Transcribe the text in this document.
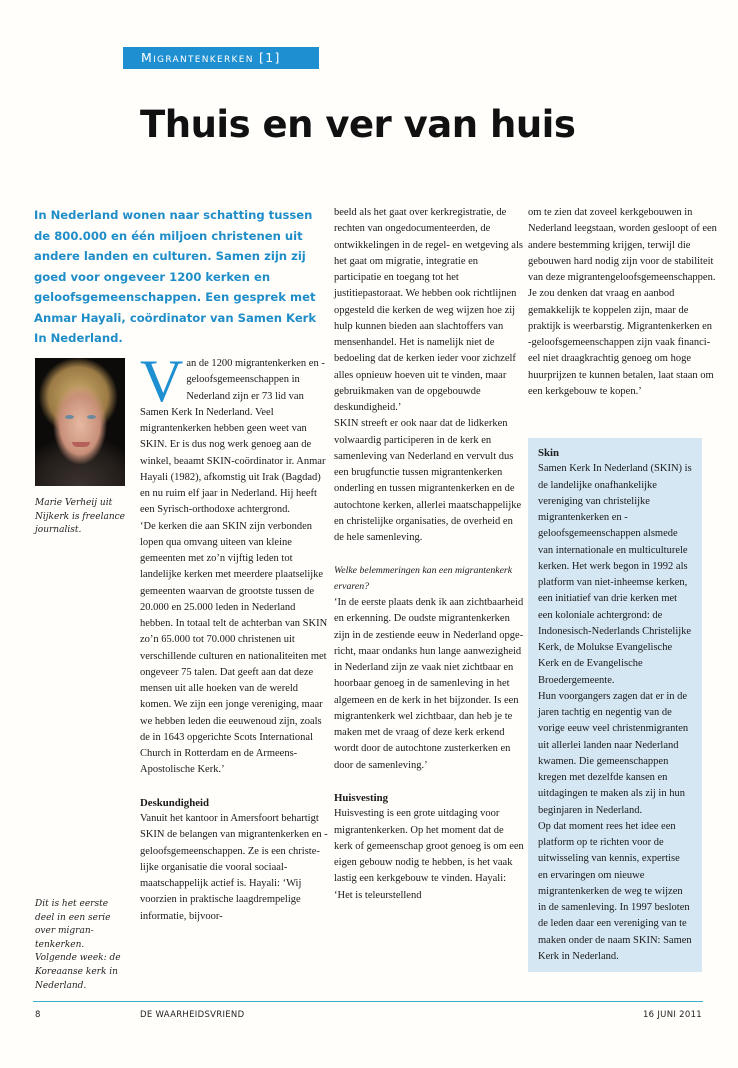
Migrantenkerken [1]
Thuis en ver van huis

In Nederland wonen naar schatting tussen de 800.000 en één miljoen christenen uit andere landen en culturen. Samen zijn zij goed voor ongeveer 1200 kerken en geloofsgemeenschappen. Een gesprek met Anmar Hayali, coördinator van Samen Kerk In Nederland.

Marie Verheij uit Nijkerk is freelance journalist.

Dit is het eerste deel in een serie over migrantenkerken. Volgende week: de Koreaanse kerk in Nederland.

V an de 1200 migrantenkerken en -geloofsgemeenschappen in Nederland zijn er 73 lid van Samen Kerk In Nederland. Veel migrantenkerken hebben geen weet van SKIN. Er is dus nog werk genoeg aan de winkel, beaamt SKIN-coördinator ir. Anmar Hayali (1982), afkomstig uit Irak (Bagdad) en nu ruim elf jaar in Nederland. Hij heeft een Syrisch-orthodoxe achtergrond.

‘De kerken die aan SKIN zijn verbonden lopen qua omvang uiteen van kleine gemeenten met zo’n vijftig leden tot landelijke kerken met meerdere plaatselijke gemeenten waarvan de grootste tussen de 20.000 en 25.000 leden in Nederland hebben. In totaal telt de achterban van SKIN zo’n 65.000 tot 70.000 christenen uit verschillende culturen en nationaliteiten met ongeveer 75 talen. Dat geeft aan dat deze mensen uit alle hoeken van de wereld komen. We zijn een jonge vereniging, maar we hebben leden die eeuwenoud zijn, zoals de in 1643 opgerichte Scots International Church in Rotterdam en de Armeens-Apostolische Kerk.’

Deskundigheid

Vanuit het kantoor in Amersfoort behartigt SKIN de belangen van migrantenkerken en -geloofsgemeenschappen. Ze is een christelijke organisatie die vooral sociaal-maatschappelijk actief is. Hayali: ‘Wij voorzien in praktische laagdrempelige informatie, bijvoor-

beeld als het gaat over kerkregistratie, de rechten van ongedocumenteerden, de ontwikkelingen in de regel- en wetgeving als het gaat om migratie, integratie en participatie en toegang tot het justitiepastoraat. We hebben ook richtlijnen opgesteld die kerken de weg wijzen hoe zij hulp kunnen bieden aan slachtoffers van mensenhandel. Het is namelijk niet de bedoeling dat de kerken ieder voor zichzelf alles opnieuw hoeven uit te vinden, maar gebruikmaken van de opgebouwde deskundigheid.’

SKIN streeft er ook naar dat de lidkerken volwaardig participeren in de kerk en samenleving van Nederland en vervult dus een brugfunctie tussen migrantenkerken onderling en tussen migrantenkerken en de autochtone kerken, allerlei maatschappelijke en christelijke organisaties, de overheid en de hele samenleving.

Welke belemmeringen kan een migrantenkerk ervaren?

‘In de eerste plaats denk ik aan zichtbaarheid en erkenning. De oudste migrantenkerken zijn in de zestiende eeuw in Nederland opgericht, maar ondanks hun lange aanwezigheid in Nederland zijn ze vaak niet zichtbaar en hoorbaar genoeg in de samenleving in het algemeen en de kerk in het bijzonder. Is een migrantenkerk wel zichtbaar, dan heb je te maken met de vraag of deze kerk erkend wordt door de autochtone zusterkerken en door de samenleving.’

Huisvesting

Huisvesting is een grote uitdaging voor migrantenkerken. Op het moment dat de kerk of gemeenschap groot genoeg is om een eigen gebouw nodig te hebben, is het vaak lastig een kerkgebouw te vinden. Hayali: ‘Het is teleurstellend

om te zien dat zoveel kerkgebouwen in Nederland leegstaan, worden gesloopt of een andere bestemming krijgen, terwijl die gebouwen hard nodig zijn voor de stabiliteit van deze migrantengeloofsgemeenschappen. Je zou denken dat vraag en aanbod gemakkelijk te koppelen zijn, maar de praktijk is weerbarstig. Migrantenkerken en -geloofsgemeenschappen zijn vaak financieel niet draagkrachtig genoeg om hoge huurprijzen te kunnen betalen, laat staan om een kerkgebouw te kopen.’

Skin

Samen Kerk In Nederland (SKIN) is de landelijke onafhankelijke vereniging van christelijke migrantenkerken en -geloofsgemeenschappen alsmede van internationale en multiculturele kerken. Het werk begon in 1992 als platform van niet-inheemse kerken, een initiatief van drie kerken met een koloniale achtergrond: de Indonesisch-Nederlands Christelijke Kerk, de Molukse Evangelische Kerk en de Evangelische Broedergemeente.

Hun voorgangers zagen dat er in de jaren tachtig en negentig van de vorige eeuw veel christenmigranten uit allerlei landen naar Nederland kwamen. Die gemeenschappen kregen met dezelfde kansen en uitdagingen te maken als zij in hun beginjaren in Nederland.

Op dat moment rees het idee een platform op te richten voor de uitwisseling van kennis, expertise en ervaringen om nieuwe migrantenkerken de weg te wijzen in de samenleving. In 1997 besloten de leden daar een vereniging van te maken onder de naam SKIN: Samen Kerk in Nederland.

8	DE WAARHEIDSVRIEND	16 JUNI 2011
